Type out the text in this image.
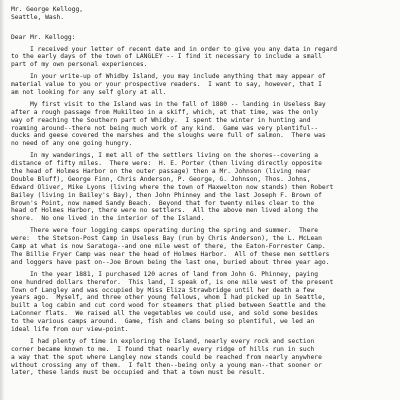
Mr. George Kellogg,
Seattle, Wash.
Dear Mr. Kellogg:
I received your letter of recent date and in order to give you any data in regard
to the early days of the town of LANGLEY -- I find it necessary to include a small
part of my own personal experiences.
In your write-up of Whidby Island, you may include anything that may appear of
material value to you or your prospective readers.  I want to say, however, that I
am not looking for any self glory at all.
My first visit to the Island was in the fall of 1880 -- landing in Useless Bay
after a rough passage from Mukilteo in a skiff, which, at that time, was the only
way of reaching the Southern part of Whidby.  I spent the winter in hunting and
roaming around--there not being much work of any kind.  Game was very plentiful--
ducks and geese covered the marshes and the sloughs were full of salmon.  There was
no need of any one going hungry.
In my wanderings, I met all of the settlers living on the shores--covering a
distance of fifty miles.  There were:  H. E. Porter (then living directly opposite
the head of Holmes Harbor on the outer passage) then a Mr. Johnson (living near
Double Bluff), George Finn, Chris Anderson, P. George, G. Johnson, Thos. Johns,
Edward Oliver, Mike Lyons (living where the town of Maxwelton now stands) then Robert
Bailey (living in Bailey's Bay), then John Phinney and the last Joseph F. Brown of
Brown's Point, now named Sandy Beach.  Beyond that for twenty miles clear to the
head of Holmes Harbor, there were no settlers.  All the above men lived along the
shore.  No one lived in the interior of the Island.
There were four logging camps operating during the spring and summer.  There
were:  the Stetson-Post Camp in Useless Bay (run by Chris Anderson), the L. McLean
Camp at what is now Saratoga--and one mile west of there, the Eaton-Forrester Camp.
The Billie Fryer Camp was near the head of Holmes Harbor.  All of these men settlers
and loggers have past on--Joe Brown being the last one, buried about three year ago.
In the year 1881, I purchased 120 acres of land from John G. Phinney, paying
one hundred dollars therefor.  This land, I speak of, is one mile west of the present
Town of Langley and was occupied by Miss Eliza Strawbridge until her death a few
years ago.  Myself, and three other young fellows, whom I had picked up in Seattle,
built a log cabin and cut cord wood for steamers that plied between Seattle and the
LaConner flats.  We raised all the vegetables we could use, and sold some besides
to the various camps around.  Game, fish and clams being so plentiful, we led an
ideal life from our view-point.
I had plenty of time in exploring the Island, nearly every rock and section
corner became known to me.  I found that nearly every ridge of hills run in such
a way that the spot where Langley now stands could be reached from nearly anywhere
without crossing any of them.  I felt then--being only a young man--that sooner or
later, these lands must be occupied and that a town must be result.
